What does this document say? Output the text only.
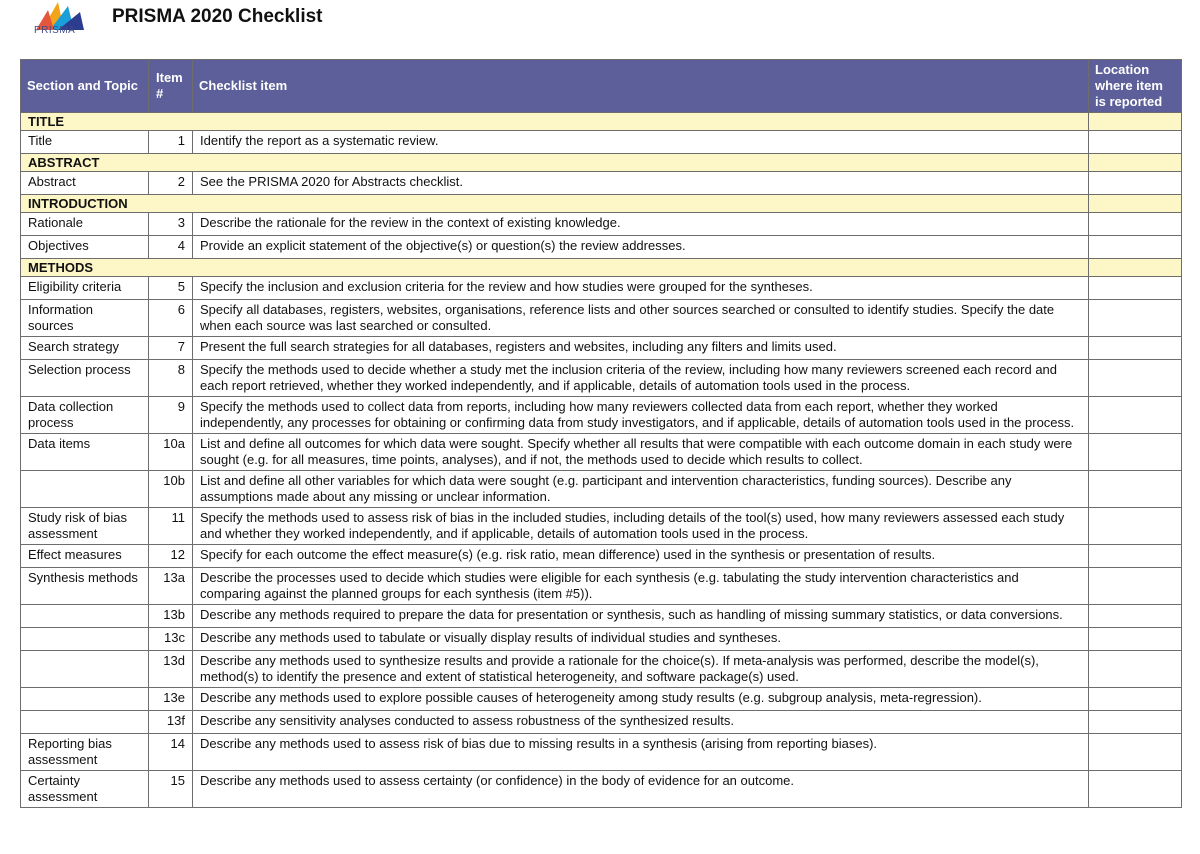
PRISMA
PRISMA 2020 Checklist
Section and Topic	Item #	Checklist item	Location where item is reported
TITLE			
Title	1	Identify the report as a systematic review.	
ABSTRACT			
Abstract	2	See the PRISMA 2020 for Abstracts checklist.	
INTRODUCTION			
Rationale	3	Describe the rationale for the review in the context of existing knowledge.	
Objectives	4	Provide an explicit statement of the objective(s) or question(s) the review addresses.	
METHODS			
Eligibility criteria	5	Specify the inclusion and exclusion criteria for the review and how studies were grouped for the syntheses.	
Information sources	6	Specify all databases, registers, websites, organisations, reference lists and other sources searched or consulted to identify studies. Specify the date when each source was last searched or consulted.	
Search strategy	7	Present the full search strategies for all databases, registers and websites, including any filters and limits used.	
Selection process	8	Specify the methods used to decide whether a study met the inclusion criteria of the review, including how many reviewers screened each record and each report retrieved, whether they worked independently, and if applicable, details of automation tools used in the process.	
Data collection process	9	Specify the methods used to collect data from reports, including how many reviewers collected data from each report, whether they worked independently, any processes for obtaining or confirming data from study investigators, and if applicable, details of automation tools used in the process.	
Data items	10a	List and define all outcomes for which data were sought. Specify whether all results that were compatible with each outcome domain in each study were sought (e.g. for all measures, time points, analyses), and if not, the methods used to decide which results to collect.	
	10b	List and define all other variables for which data were sought (e.g. participant and intervention characteristics, funding sources). Describe any assumptions made about any missing or unclear information.	
Study risk of bias assessment	11	Specify the methods used to assess risk of bias in the included studies, including details of the tool(s) used, how many reviewers assessed each study and whether they worked independently, and if applicable, details of automation tools used in the process.	
Effect measures	12	Specify for each outcome the effect measure(s) (e.g. risk ratio, mean difference) used in the synthesis or presentation of results.	
Synthesis methods	13a	Describe the processes used to decide which studies were eligible for each synthesis (e.g. tabulating the study intervention characteristics and comparing against the planned groups for each synthesis (item #5)).	
	13b	Describe any methods required to prepare the data for presentation or synthesis, such as handling of missing summary statistics, or data conversions.	
	13c	Describe any methods used to tabulate or visually display results of individual studies and syntheses.	
	13d	Describe any methods used to synthesize results and provide a rationale for the choice(s). If meta-analysis was performed, describe the model(s), method(s) to identify the presence and extent of statistical heterogeneity, and software package(s) used.	
	13e	Describe any methods used to explore possible causes of heterogeneity among study results (e.g. subgroup analysis, meta-regression).	
	13f	Describe any sensitivity analyses conducted to assess robustness of the synthesized results.	
Reporting bias assessment	14	Describe any methods used to assess risk of bias due to missing results in a synthesis (arising from reporting biases).	
Certainty assessment	15	Describe any methods used to assess certainty (or confidence) in the body of evidence for an outcome.	
